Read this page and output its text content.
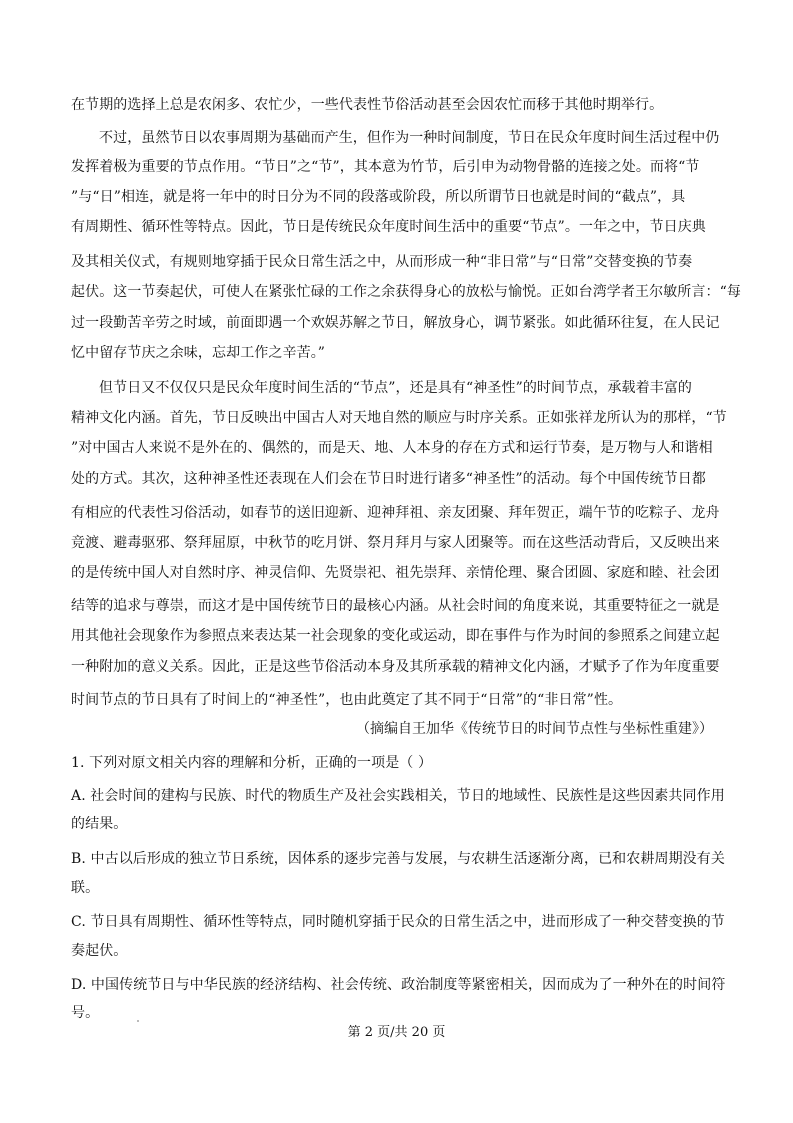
在节期的选择上总是农闲多、农忙少，一些代表性节俗活动甚至会因农忙而移于其他时期举行。
不过，虽然节日以农事周期为基础而产生，但作为一种时间制度，节日在民众年度时间生活过程中仍
发挥着极为重要的节点作用。“节日”之“节”，其本意为竹节，后引申为动物骨骼的连接之处。而将“节
”与“日”相连，就是将一年中的时日分为不同的段落或阶段，所以所谓节日也就是时间的“截点”，具
有周期性、循环性等特点。因此，节日是传统民众年度时间生活中的重要“节点”。一年之中，节日庆典
及其相关仪式，有规则地穿插于民众日常生活之中，从而形成一种“非日常”与“日常”交替变换的节奏
起伏。这一节奏起伏，可使人在紧张忙碌的工作之余获得身心的放松与愉悦。正如台湾学者王尔敏所言：“每
过一段勤苦辛劳之时域，前面即遇一个欢娱苏解之节日，解放身心，调节紧张。如此循环往复，在人民记
忆中留存节庆之余味，忘却工作之辛苦。”
但节日又不仅仅只是民众年度时间生活的“节点”，还是具有“神圣性”的时间节点，承载着丰富的
精神文化内涵。首先，节日反映出中国古人对天地自然的顺应与时序关系。正如张祥龙所认为的那样，“节
”对中国古人来说不是外在的、偶然的，而是天、地、人本身的存在方式和运行节奏，是万物与人和谐相
处的方式。其次，这种神圣性还表现在人们会在节日时进行诸多“神圣性”的活动。每个中国传统节日都
有相应的代表性习俗活动，如春节的送旧迎新、迎神拜祖、亲友团聚、拜年贺正，端午节的吃粽子、龙舟
竞渡、避毒驱邪、祭拜屈原，中秋节的吃月饼、祭月拜月与家人团聚等。而在这些活动背后，又反映出来
的是传统中国人对自然时序、神灵信仰、先贤崇祀、祖先崇拜、亲情伦理、聚合团圆、家庭和睦、社会团
结等的追求与尊崇，而这才是中国传统节日的最核心内涵。从社会时间的角度来说，其重要特征之一就是
用其他社会现象作为参照点来表达某一社会现象的变化或运动，即在事件与作为时间的参照系之间建立起
一种附加的意义关系。因此，正是这些节俗活动本身及其所承载的精神文化内涵，才赋予了作为年度重要
时间节点的节日具有了时间上的“神圣性”，也由此奠定了其不同于“日常”的“非日常”性。
（摘编自王加华《传统节日的时间节点性与坐标性重建》）
1. 下列对原文相关内容的理解和分析，正确的一项是（ ）
A. 社会时间的建构与民族、时代的物质生产及社会实践相关，节日的地域性、民族性是这些因素共同作用
的结果。
B. 中古以后形成的独立节日系统，因体系的逐步完善与发展，与农耕生活逐渐分离，已和农耕周期没有关
联。
C. 节日具有周期性、循环性等特点，同时随机穿插于民众的日常生活之中，进而形成了一种交替变换的节
奏起伏。
D. 中国传统节日与中华民族的经济结构、社会传统、政治制度等紧密相关，因而成为了一种外在的时间符
号。
第 2 页/共 20 页
